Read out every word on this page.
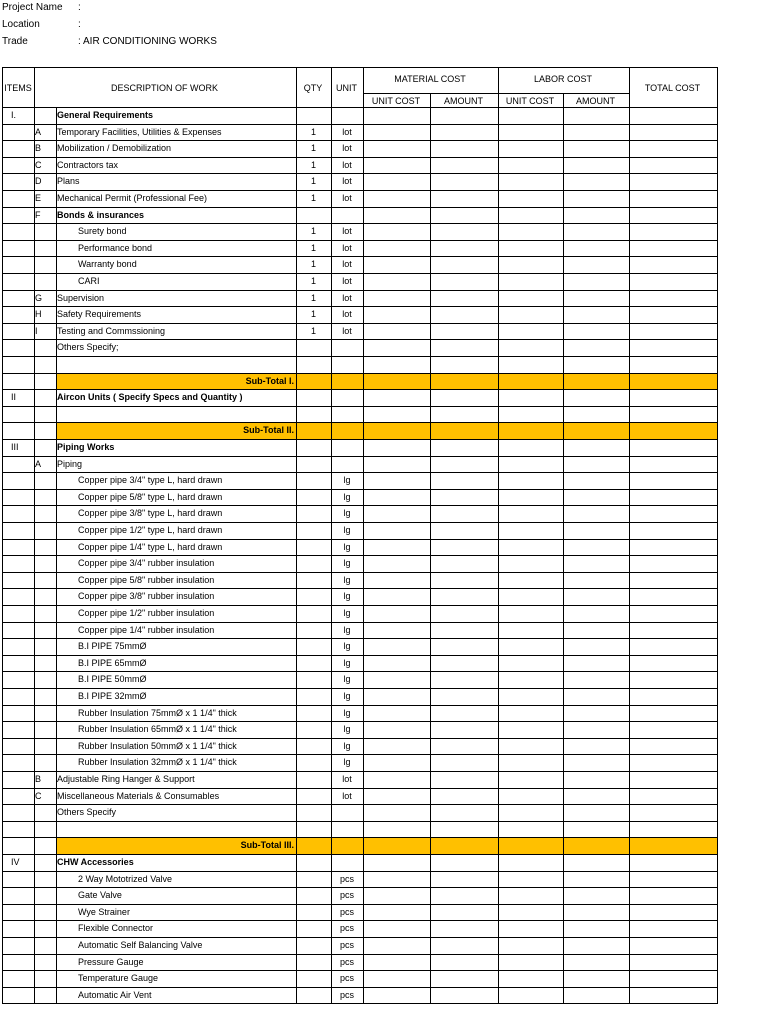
Project Name :
Location	:
Trade	: AIR CONDITIONING WORKS
ITEMS	DESCRIPTION OF WORK	QTY	UNIT
MATERIAL COST	LABOR COST
TOTAL COST
UNIT COST	AMOUNT	UNIT COST	AMOUNT
I.	General Requirements
A	Temporary Facilities, Utilities & Expenses	1	lot
B	Mobilization / Demobilization	1	lot
C	Contractors tax	1	lot
D	Plans	1	lot
E	Mechanical Permit (Professional Fee)	1	lot
F	Bonds & insurances
Surety bond	1	lot
Performance bond	1	lot
Warranty bond	1	lot
CARI	1	lot
G	Supervision	1	lot
H	Safety Requirements	1	lot
I	Testing and Commssioning	1	lot
Others Specify;
Sub-Total I.
II	Aircon Units ( Specify Specs and Quantity )
Sub-Total II.
III	Piping Works
A	Piping
Copper pipe 3/4" type L, hard drawn	lg
Copper pipe 5/8" type L, hard drawn	lg
Copper pipe 3/8" type L, hard drawn	lg
Copper pipe 1/2" type L, hard drawn	lg
Copper pipe 1/4" type L, hard drawn	lg
Copper pipe 3/4" rubber insulation	lg
Copper pipe 5/8" rubber insulation	lg
Copper pipe 3/8" rubber insulation	lg
Copper pipe 1/2" rubber insulation	lg
Copper pipe 1/4" rubber insulation	lg
B.I PIPE 75mmØ	lg
B.I PIPE 65mmØ	lg
B.I PIPE 50mmØ	lg
B.I PIPE 32mmØ	lg
Rubber Insulation 75mmØ x 1 1/4" thick	lg
Rubber Insulation 65mmØ x 1 1/4" thick	lg
Rubber Insulation 50mmØ x 1 1/4" thick	lg
Rubber Insulation 32mmØ x 1 1/4" thick	lg
B	Adjustable Ring Hanger & Support	lot
C	Miscellaneous Materials & Consumables	lot
Others Specify
Sub-Total III.
IV	CHW Accessories
2 Way Mototrized Valve	pcs
Gate Valve	pcs
Wye Strainer	pcs
Flexible Connector	pcs
Automatic Self Balancing Valve	pcs
Pressure Gauge	pcs
Temperature Gauge	pcs
Automatic Air Vent	pcs
